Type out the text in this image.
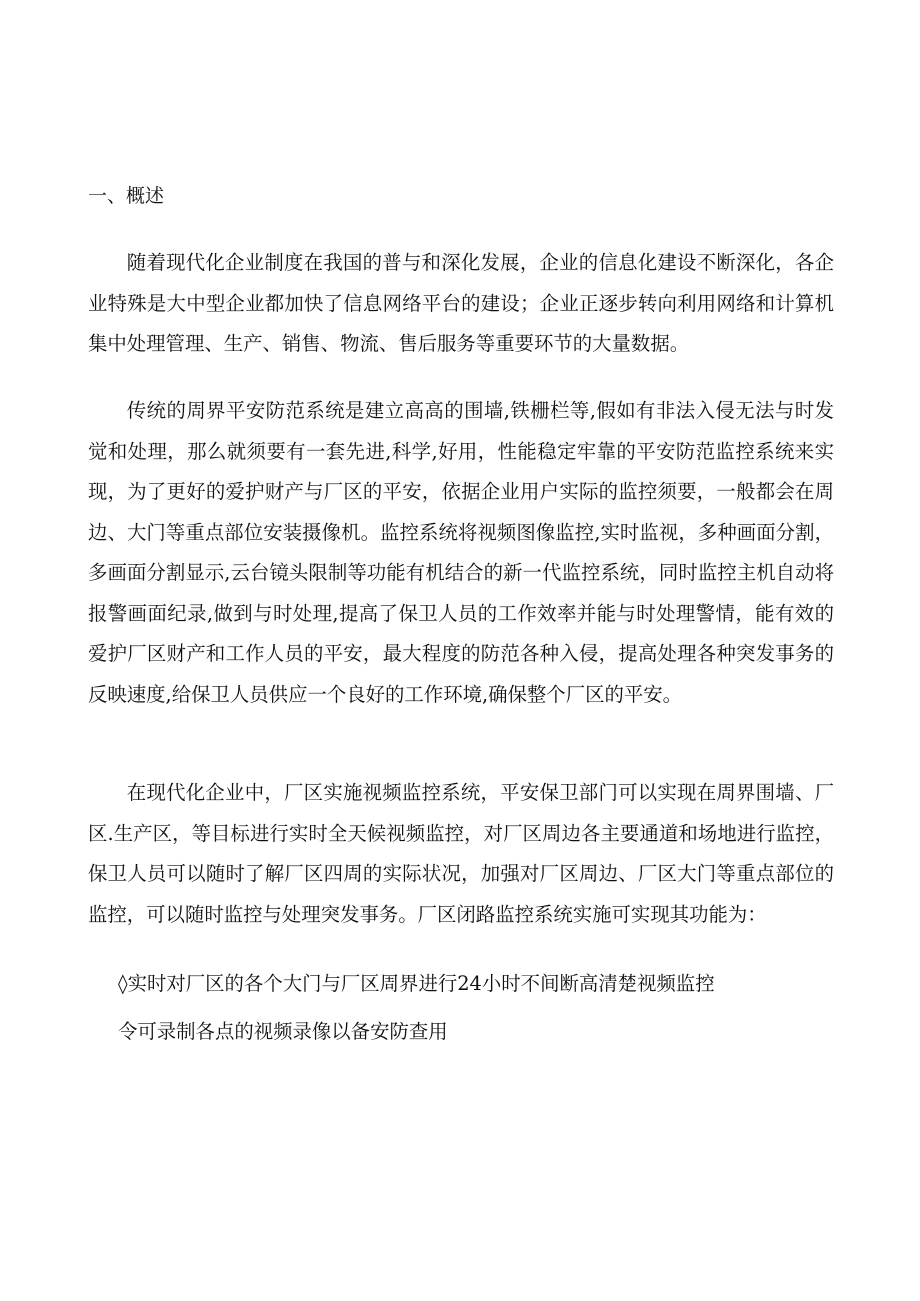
一、概述

随着现代化企业制度在我国的普与和深化发展，企业的信息化建设不断深化，各企业特殊是大中型企业都加快了信息网络平台的建设；企业正逐步转向利用网络和计算机集中处理管理、生产、销售、物流、售后服务等重要环节的大量数据。

传统的周界平安防范系统是建立高高的围墙,铁栅栏等,假如有非法入侵无法与时发觉和处理，那么就须要有一套先进,科学,好用，性能稳定牢靠的平安防范监控系统来实现，为了更好的爱护财产与厂区的平安，依据企业用户实际的监控须要，一般都会在周边、大门等重点部位安装摄像机。监控系统将视频图像监控,实时监视，多种画面分割，多画面分割显示,云台镜头限制等功能有机结合的新一代监控系统，同时监控主机自动将报警画面纪录,做到与时处理,提高了保卫人员的工作效率并能与时处理警情，能有效的爱护厂区财产和工作人员的平安，最大程度的防范各种入侵，提高处理各种突发事务的反映速度,给保卫人员供应一个良好的工作环境,确保整个厂区的平安。

在现代化企业中，厂区实施视频监控系统，平安保卫部门可以实现在周界围墙、厂区.生产区，等目标进行实时全天候视频监控，对厂区周边各主要通道和场地进行监控，保卫人员可以随时了解厂区四周的实际状况，加强对厂区周边、厂区大门等重点部位的监控，可以随时监控与处理突发事务。厂区闭路监控系统实施可实现其功能为：

◊实时对厂区的各个大门与厂区周界进行24小时不间断高清楚视频监控
令可录制各点的视频录像以备安防查用
